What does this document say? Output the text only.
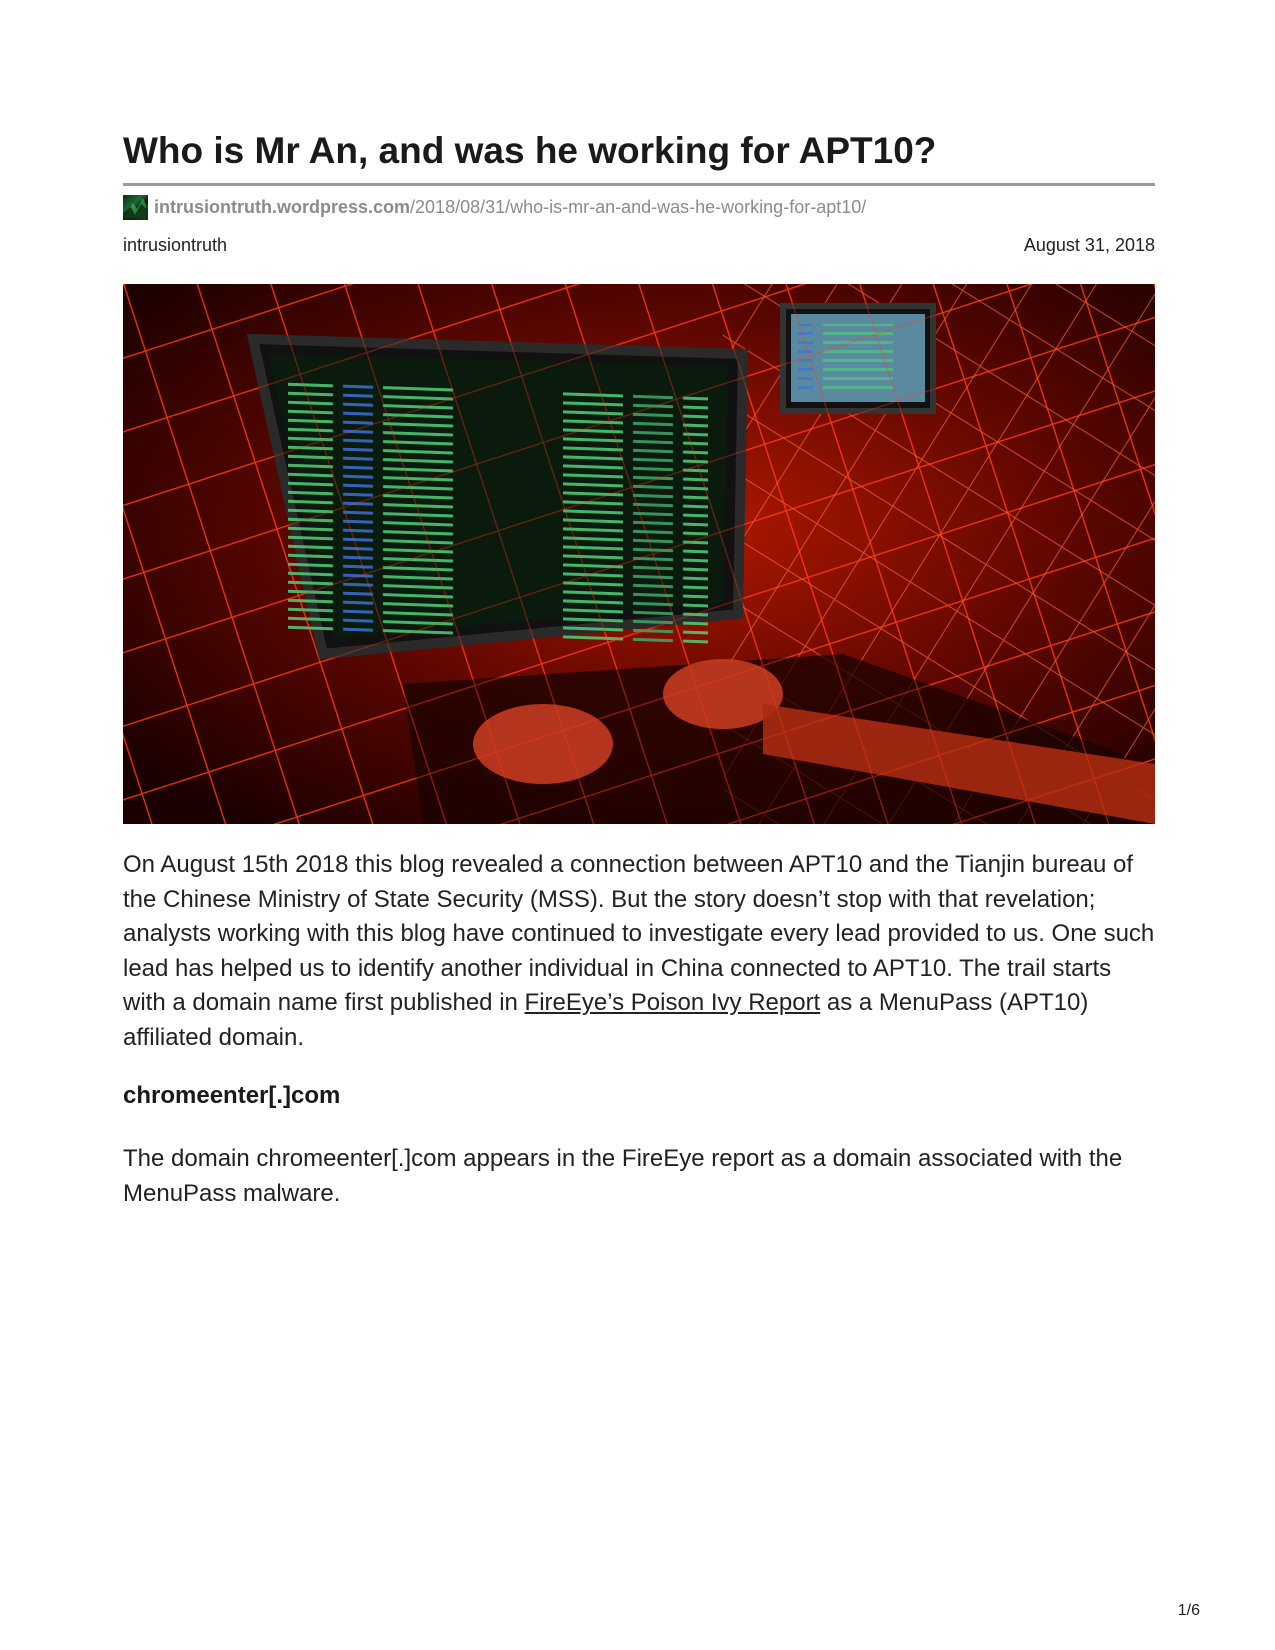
Who is Mr An, and was he working for APT10?
intrusiontruth.wordpress.com /2018/08/31/who-is-mr-an-and-was-he-working-for-apt10/
intrusiontruth	August 31, 2018

On August 15th 2018 this blog revealed a connection between APT10 and the Tianjin bureau of the Chinese Ministry of State Security (MSS). But the story doesn’t stop with that revelation; analysts working with this blog have continued to investigate every lead provided to us. One such lead has helped us to identify another individual in China connected to APT10. The trail starts with a domain name first published in FireEye’s Poison Ivy Report as a MenuPass (APT10) affiliated domain.

chromeenter[.]com

The domain chromeenter[.]com appears in the FireEye report as a domain associated with the MenuPass malware.

1/6
